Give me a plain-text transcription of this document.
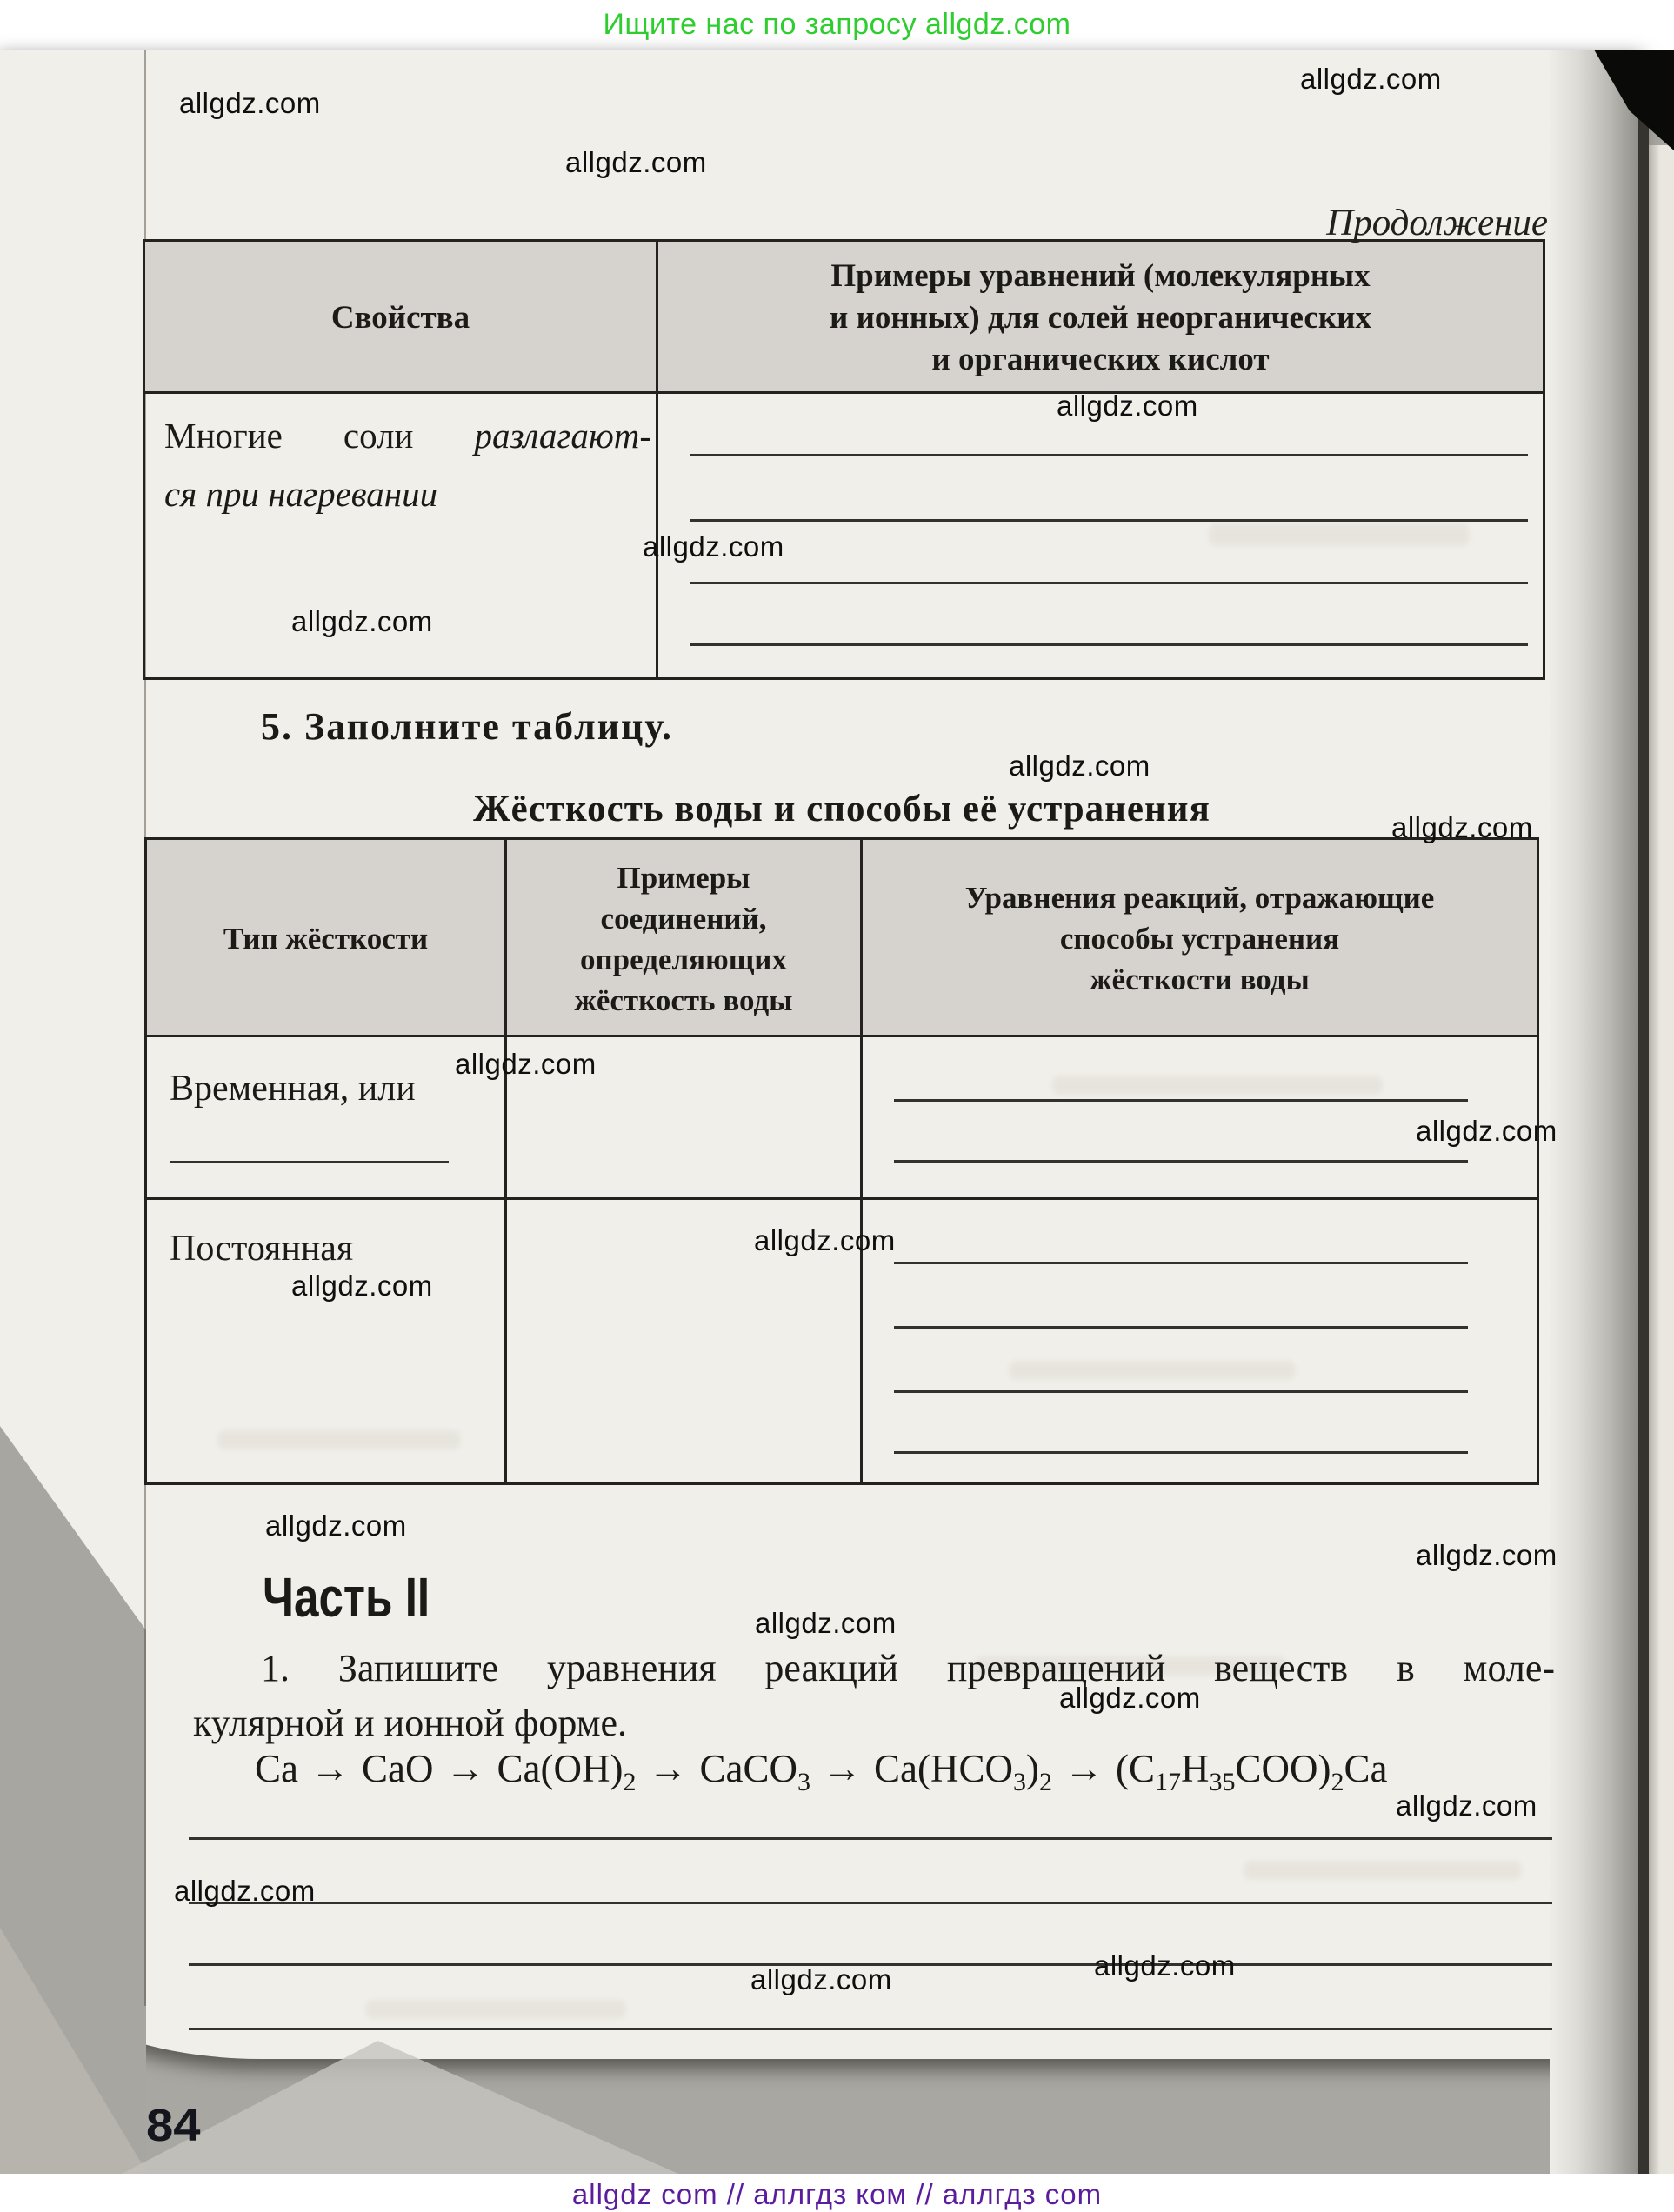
Ищите нас по запросу allgdz.com
Продолжение
allgdz.com
allgdz.com
allgdz.com
allgdz.com
allgdz.com
allgdz.com
allgdz.com
allgdz.com
allgdz.com
allgdz.com
allgdz.com
allgdz.com
allgdz.com
allgdz.com
allgdz.com
allgdz.com
allgdz.com
allgdz.com
allgdz.com
allgdz.com
Свойства
Примеры уравнений (молекулярных
и ионных) для солей неорганических
и органических кислот
Многие соли разлагают-
ся при нагревании
5. Заполните таблицу.
Жёсткость воды и способы её устранения
Тип жёсткости
Примеры
соединений,
определяющих
жёсткость воды
Уравнения реакций, отражающие
способы устранения
жёсткости воды
Временная, или
Постоянная
Часть II
1. Запишите уравнения реакций превращений веществ в моле-
кулярной и ионной форме.
Ca → CaO → $Ca(OH)_2$ → CaCO$_3$ → $Ca(HCO_3)_2 \to (C_{17}H_{35}COO)_2Ca$
84
allgdz com // аллгдз ком // аллгдз com
